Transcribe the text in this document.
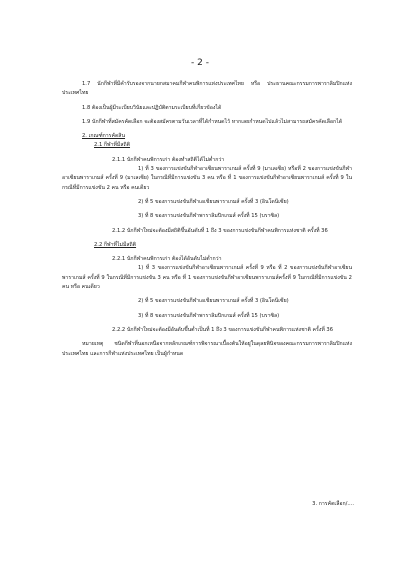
- 2 -

1.7 นักกีฬาที่มีคำรับรองจากนายกสมาคมกีฬาคนพิการแห่งประเทศไทย หรือ ประธานคณะกรรมการพาราลิมปิกแห่งประเทศไทย

1.8 ต้องเป็นผู้มีระเบียบวินัยและปฏิบัติตามระเบียบที่เกี่ยวข้องได้

1.9 นักกีฬาที่สมัครคัดเลือก จะต้องสมัครตามวันเวลาที่ได้กำหนดไว้ หากเลยกำหนดไปแล้วไม่สามารถสมัครคัดเลือกได้

2. เกณฑ์การคัดสิน

2.1 กีฬาที่มีสถิติ

2.1.1 นักกีฬาคนพิการเก่า ต้องทำสถิติได้ไม่ต่ำกว่า

1) ที่ 3 ของการแข่งขันกีฬาอาเซียนพาราเกมส์ ครั้งที่ 9 (มาเลเซีย) หรือที่ 2 ของการแข่งขันกีฬาอาเซียนพาราเกมส์ ครั้งที่ 9 (มาเลเซีย) ในกรณีที่มีการแข่งขัน 3 คน หรือ ที่ 1 ของการแข่งขันกีฬาอาเซียนพาราเกมส์ ครั้งที่ 9 ในกรณีที่มีการแข่งขัน 2 คน หรือ คนเดียว

2) ที่ 5 ของการแข่งขันกีฬาเอเชียนพาราเกมส์ ครั้งที่ 3 (อินโดนีเซีย)

3) ที่ 8 ของการแข่งขันกีฬาพาราลิมปิกเกมส์ ครั้งที่ 15 (บราซิล)

2.1.2 นักกีฬาใหม่จะต้องมีสถิติขึ้นอันดับที่ 1 ถึง 3 ของการแข่งขันกีฬาคนพิการแห่งชาติ ครั้งที่ 36

2.2 กีฬาที่ไม่มีสถิติ

2.2.1 นักกีฬาคนพิการเก่า ต้องได้อันดับไม่ต่ำกว่า

1) ที่ 3 ของการแข่งขันกีฬาอาเซียนพาราเกมส์ ครั้งที่ 9 หรือ ที่ 2 ของการแข่งขันกีฬาอาเซียนพาราเกมส์ ครั้งที่ 9 ในกรณีที่มีการแข่งขัน 3 คน หรือ ที่ 1 ของการแข่งขันกีฬาอาเซียนพาราเกมส์ครั้งที่ 9 ในกรณีที่มีการแข่งขัน 2 คน หรือ คนเดียว

2) ที่ 5 ของการแข่งขันกีฬาเอเชียนพาราเกมส์ ครั้งที่ 3 (อินโดนีเซีย)

3) ที่ 8 ของการแข่งขันกีฬาพาราลิมปิกเกมส์ ครั้งที่ 15 (บราซิล)

2.2.2 นักกีฬาใหม่จะต้องมีอันดับขึ้นต่ำเป็นที่ 1 ถึง 3 ของการแข่งขันกีฬาคนพิการแห่งชาติ ครั้งที่ 36

หมายเหตุ ชนิดกีฬาที่นอกเหนือจากหลักเกณฑ์การพิจารณาเบื้องต้นให้อยู่ในดุลยพินิจของคณะกรรมการพาราลิมปิกแห่งประเทศไทย และการกีฬาแห่งประเทศไทย เป็นผู้กำหนด

3. การคัดเลือก/....
